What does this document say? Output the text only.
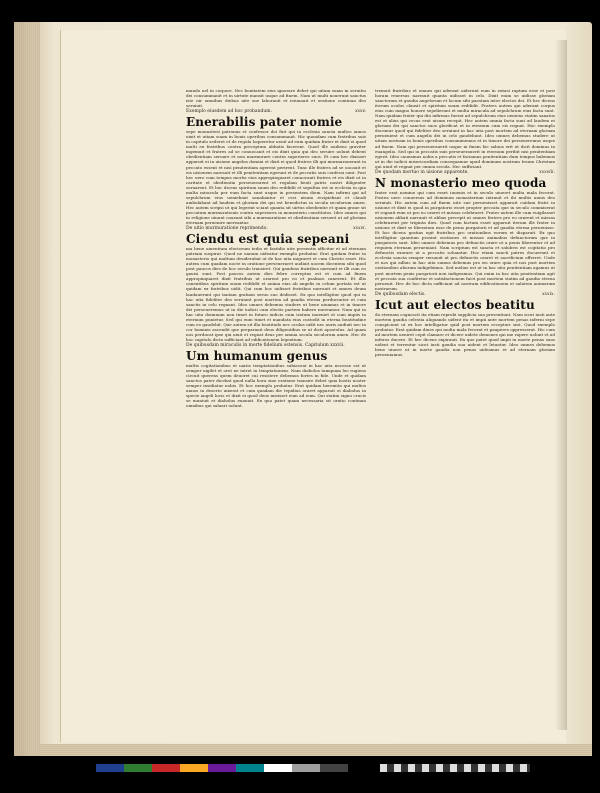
mundo uel in corpore. Nec bonitatem eius ignorare debet qui uitam suam in seruitio dei consummauit et in uirtute mansit usque ad finem. Nam ut multi nouerunt sanctus iste uir omnibus diebus uite sue laborauit et ieiunauit et oratione continua deo seruiuit.

Exemplo eiusdem ad hoc probandum.	xxxv.
Enerabilis pater nomie

sepe monasterii patronus et confessor dei fuit qui in ecclesia sancta multos annos uixit et uitam suam in bonis operibus consummauit. Hic quondam cum fratribus suis in capitulo sederet et de regula loqueretur uenit ad eum quidam frater et dixit ei quod multi ex fratribus contra preceptum abbatis facerent. Quod ille audiens graviter ingemuit et fratres ad se conuocauit et eis dixit quia qui deo seruire uolunt debent obedientiam seruare et non murmurare contra superiores suos. Et cum hec dixisset apparuit ei in uisione angelus domini et dixit ei quod fratres illi qui murmurauerant in peccato essent et nisi penitentiam agerent perirent. Tunc ille fratres ad se uocauit et eis uisionem narrauit et illi penitentiam egerunt et de peccatis suis confessi sunt. Post hec uero cum tempus mortis eius appropinquaret conuocauit fratres et eis dixit ut in caritate et obedientia perseuerarent et regulam beati patris nostri diligenter seruarent. Et hec dicens spiritum suum deo reddidit et sepultus est in ecclesia in qua multa miracula per eum facta sunt usque in presentem diem. Nam infirmi qui ad sepulchrum eius ueniebant sanabantur et ceci uisum recipiebant et claudi ambulabant ad laudem et gloriam dei qui est benedictus in secula seculorum amen. Hec autem scripsi ut qui legerint sciant quanta sit uirtus obedientie et quam graue sit peccatum murmurationis contra superiores in monasterio constitutos. Ideo omnes qui in religione uiuunt caueant sibi a murmuratione et obedientiam seruent ut ad gloriam eternam peruenire mereantur.

De uitio murmuratione reprimendo.	xxxvi.
Ciendu est quia sepeani

ma bene uiuentium electorum tedio et fastidio uite presentis afficitur et ad eternam patriam suspirat. Quod ne uanum uideatur exemplo probatur. Erat quidam frater in monasterio qui multum desiderabat ut de hac uita migraret et cum Christo esset. Hic autem cum quadam nocte in oratione perseueraret audiuit uocem dicentem sibi quod post paucos dies de hoc seculo transiret. Qui gaudens fratribus narrauit et illi cum eo gauisi sunt. Post paucos autem dies febre correptus est et cum ad finem appropinquaret dixit fratribus ut orarent pro eo et psalmos canerent. Et illis canentibus spiritum suum reddidit et anima eius ab angelis in celum portata est ut quidam ex fratribus uidit. Qui cum hoc uidisset fratribus narrauit et omnes deum laudauerunt qui tantam gratiam seruo suo dedisset. Ex quo intelligitur quod qui in hac uita fideliter deo seruiunt post mortem ad gaudia eterna perducuntur et cum sanctis in celo regnant. Ideo omnes debemus studere ut bene uiuamus et in timore dei perseueremus ut in die iudicii cum electis partem habere mereamur. Nam qui in hac uita dominum non timet in futuro iudicio eum iratum inueniet et cum impiis in eternum punietur. Sed qui eum timet et mandata eius custodit in eterna beatitudine cum eo gaudebit. Que autem sit illa beatitudo nec oculus uidit nec auris audiuit nec in cor hominis ascendit que preparauit deus diligentibus se ut dicit apostolus. Ad quam nos perducat ipse qui uiuit et regnat deus per omnia secula seculorum amen. Hec de hoc capitulo dicta sufficiant ad edificationem legentium.

De quibusdam miraculis in morte fidelium ostensis. Capitulum xxxvii.
Um humanum genus

multis cogitationibus et uariis temptationibus subiaceat in hac uita necesse est ut semper uigilet et oret ne intret in temptationem. Nam diabolus tamquam leo rugiens circuit querens quem deuoret cui resistere debemus fortes in fide. Unde et quidam sanctus pater dicebat quod nulla hora sine oratione transire debet quia hostis noster semper insidiatur nobis. Et hoc exemplo probatur. Erat quidam heremita qui multos annos in deserto uixerat et cum quadam die tepidius oraret apparuit ei diabolus in specie angeli lucis et dixit ei quod deus misisset eum ad eum. Qui statim signo crucis se muniuit et diabolus euanuit. Ex quo patet quam necessaria sit oratio continua omnibus qui saluari uolunt.

tremuit fratribus et omnes qui aderant uiderunt eum in extasi raptum esse et post horam reuersus narrauit quanta uidisset in celo. Dixit enim se uidisse gloriam sanctorum et gaudia angelorum et locum sibi paratum inter electos dei. Et hec dicens iterum oculos clausit et spiritum suum reddidit. Fratres autem qui aderant corpus eius cum magno honore sepelierunt et multa miracula ad sepulchrum eius facta sunt. Nam quidam frater qui diu infirmus fuerat ad sepulchrum eius ueniens statim sanatus est et alius qui cecus erat uisum recepit. Hec autem omnia facta sunt ad laudem et gloriam dei qui sanctos suos glorificat et in eternum cum eis regnat. Hoc exemplo docemur quod qui fideliter deo seruiunt in hac uita post mortem ad eternam gloriam peruenient et cum angelis dei in celo gaudebunt. Ideo omnes debemus studere ut uitam nostram in bonis operibus consummemus et in timore dei perseueremus usque ad finem. Nam qui perseuerauerit usque in finem hic saluus erit ut dicit dominus in euangelio. Sed qui in peccatis suis perseuerauerit in eternum peribit nisi penitentiam egerit. Ideo caueamus nobis a peccatis et faciamus penitentiam dum tempus habemus ut in die iudicii misericordiam consequamur apud dominum nostrum Iesum Christum qui uiuit et regnat per omnia secula. Hec sufficiant.

De quodam mortuo in uisione apparente.	xxxviii.
N monasterio meo quoda

frater erat nomine qui cum esset iuuenis et in seculo uiueret multa mala fecerat. Postea uero conuersus ad dominum monasterium intrauit et ibi multis annis deo seruiuit. Hic autem cum ad finem uite sue peruenisset apparuit cuidam fratri in uisione et dixit ei quod in purgatorio esset propter peccata que in seculo commiserat et rogauit eum ut pro eo oraret et missas celebraret. Frater autem ille cum euigilasset uisionem abbati narrauit et abbas precepit ut omnes fratres pro eo orarent et missas celebrarent per triginta dies. Quod cum factum esset apparuit iterum ille frater in uisione et dixit se liberatum esse de penis purgatorii et ad gaudia eterna peruenisse. Et hoc dicens gratias egit fratribus pro orationibus eorum et disparuit. Ex quo intelligitur quantum prosint orationes et missae animabus defunctorum que in purgatorio sunt. Ideo omnes debemus pro defunctis orare ut a penis liberentur et ad requiem eternam perueniant. Nam scriptum est sancta et salubris est cogitatio pro defunctis exorare ut a peccatis soluantur. Hoc etiam sancti patres docuerunt et ecclesia sancta semper seruauit ut pro defunctis oraret et sacrificium offerret. Unde et nos qui adhuc in hac uita sumus debemus pro eis orare quia et nos post mortem orationibus aliorum indigebimus. Sed melius est ut in hac uita penitentiam agamus ut post mortem penis purgatorii non indigeamus. Qui enim in hac uita penitentiam agit et peccata sua confitetur et satisfactionem facit post mortem statim ad gaudia eterna peruenit. Hec de hoc dicta sufficiant ad nostram edificationem et salutem animarum nostrarum.

De quibusdam electis.	xxxix.
Icut aut electos beatitu

do eternam cognoscit ita etiam reprobi supplicia sua presentiunt. Nam sicut iusti ante mortem gaudia celestia aliquando uident ita et impii ante mortem penas inferni sepe conspiciunt ut ex hoc intelligatur quid post mortem recepturi sint. Quod exemplo probatur. Erat quidam diues qui multa mala fecerat et pauperes oppresserat. Hic cum ad mortem ueniret cepit clamare et dicere uidete demones qui me rapere uolunt et ad inferos ducere. Et hec dicens expirauit. Ex quo patet quod impii in morte penas suas uident et terrentur sicut iusti gaudia sua uident et letantur. Ideo omnes debemus bene uiuere ut in morte gaudia non penas uideamus et ad eternam gloriam perueniamus.
